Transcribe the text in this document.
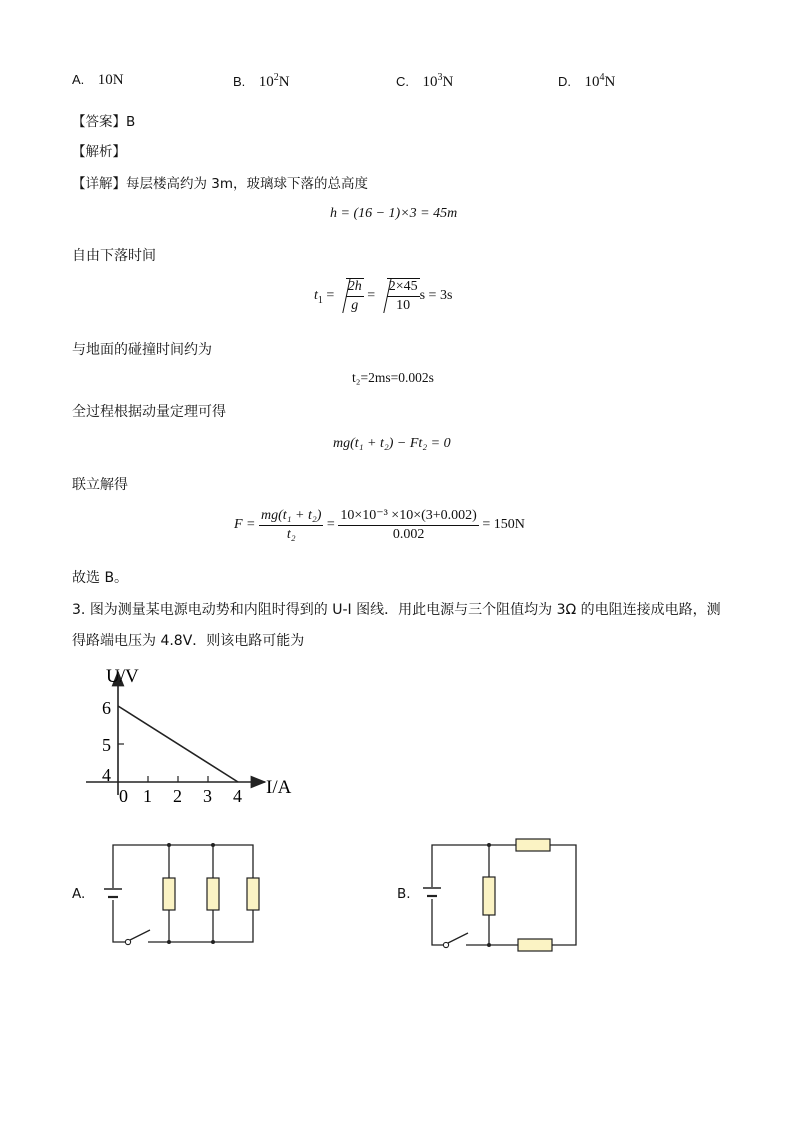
A. 10N	B. $10^2N$	C. $10^3N$	D. $10^4N$
【答案】B
【解析】
【详解】每层楼高约为 3m，玻璃球下落的总高度
h = (16 − 1)×3 = 45m
自由下落时间
$t_1 = \frac{2h}{g} = \frac{2\times 45}{10}$ s = 3s
与地面的碰撞时间约为
t₂=2ms=0.002s
全过程根据动量定理可得
mg(t₁ + t₂) − Ft₂ = 0
联立解得
$F = \frac{\text{mg(t₁ + t₂)}}{\text{t₂}} = \frac{\text{10×10⁻³ ×10×(3+0.002)}}{0.002} = 150N$
故选 B。
3. 图为测量某电源电动势和内阻时得到的 U-I 图线．用此电源与三个阻值均为 3Ω 的电阻连接成电路，测
得路端电压为 4.8V．则该电路可能为
U/V
I/A
6
5
4
0 1 2 3 4
A.	B.
